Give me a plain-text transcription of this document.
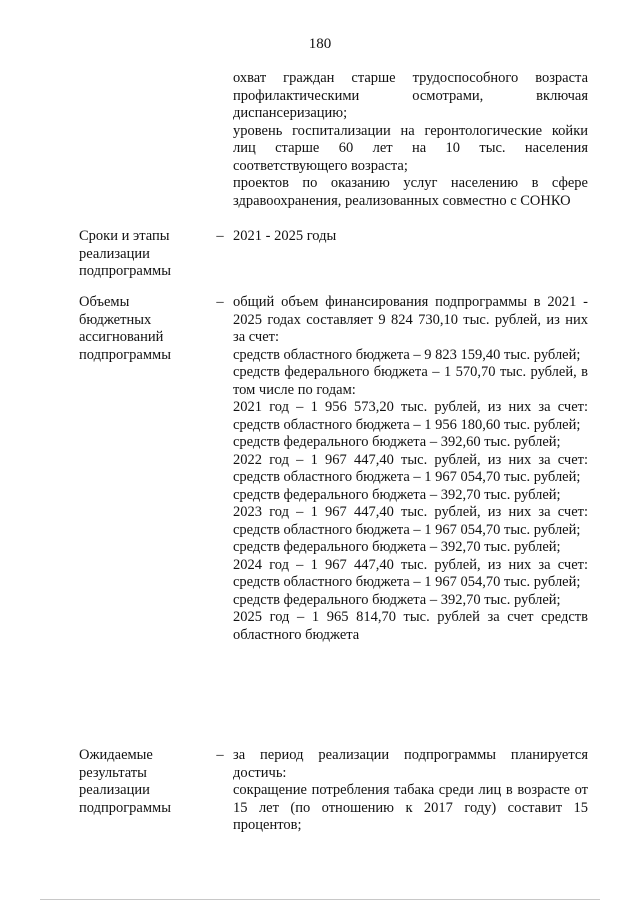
180

охват граждан старше трудоспособного возраста профилактическими осмотрами, включая диспансеризацию;

уровень госпитализации на геронтологические койки лиц старше 60 лет на 10 тыс. населения соответствующего возраста;

проектов по оказанию услуг населению в сфере здравоохранения, реализованных совместно с СОНКО

Сроки и этапы реализации подпрограммы
– 2021 - 2025 годы

Объемы бюджетных ассигнований подпрограммы
– общий объем финансирования подпрограммы в 2021 - 2025 годах составляет 9 824 730,10 тыс. рублей, из них за счет:

средств областного бюджета – 9 823 159,40 тыс. рублей;

средств федерального бюджета – 1 570,70 тыс. рублей, в том числе по годам:

2021 год – 1 956 573,20 тыс. рублей, из них за счет:

средств областного бюджета – 1 956 180,60 тыс. рублей;

средств федерального бюджета – 392,60 тыс. рублей;

2022 год – 1 967 447,40 тыс. рублей, из них за счет:

средств областного бюджета – 1 967 054,70 тыс. рублей;

средств федерального бюджета – 392,70 тыс. рублей;

2023 год – 1 967 447,40 тыс. рублей, из них за счет:

средств областного бюджета – 1 967 054,70 тыс. рублей;

средств федерального бюджета – 392,70 тыс. рублей;

2024 год – 1 967 447,40 тыс. рублей, из них за счет:

средств областного бюджета – 1 967 054,70 тыс. рублей;

средств федерального бюджета – 392,70 тыс. рублей;

2025 год – 1 965 814,70 тыс. рублей за счет средств областного бюджета

Ожидаемые результаты реализации подпрограммы
– за период реализации подпрограммы планируется достичь:

сокращение потребления табака среди лиц в возрасте от 15 лет (по отношению к 2017 году) составит 15 процентов;
